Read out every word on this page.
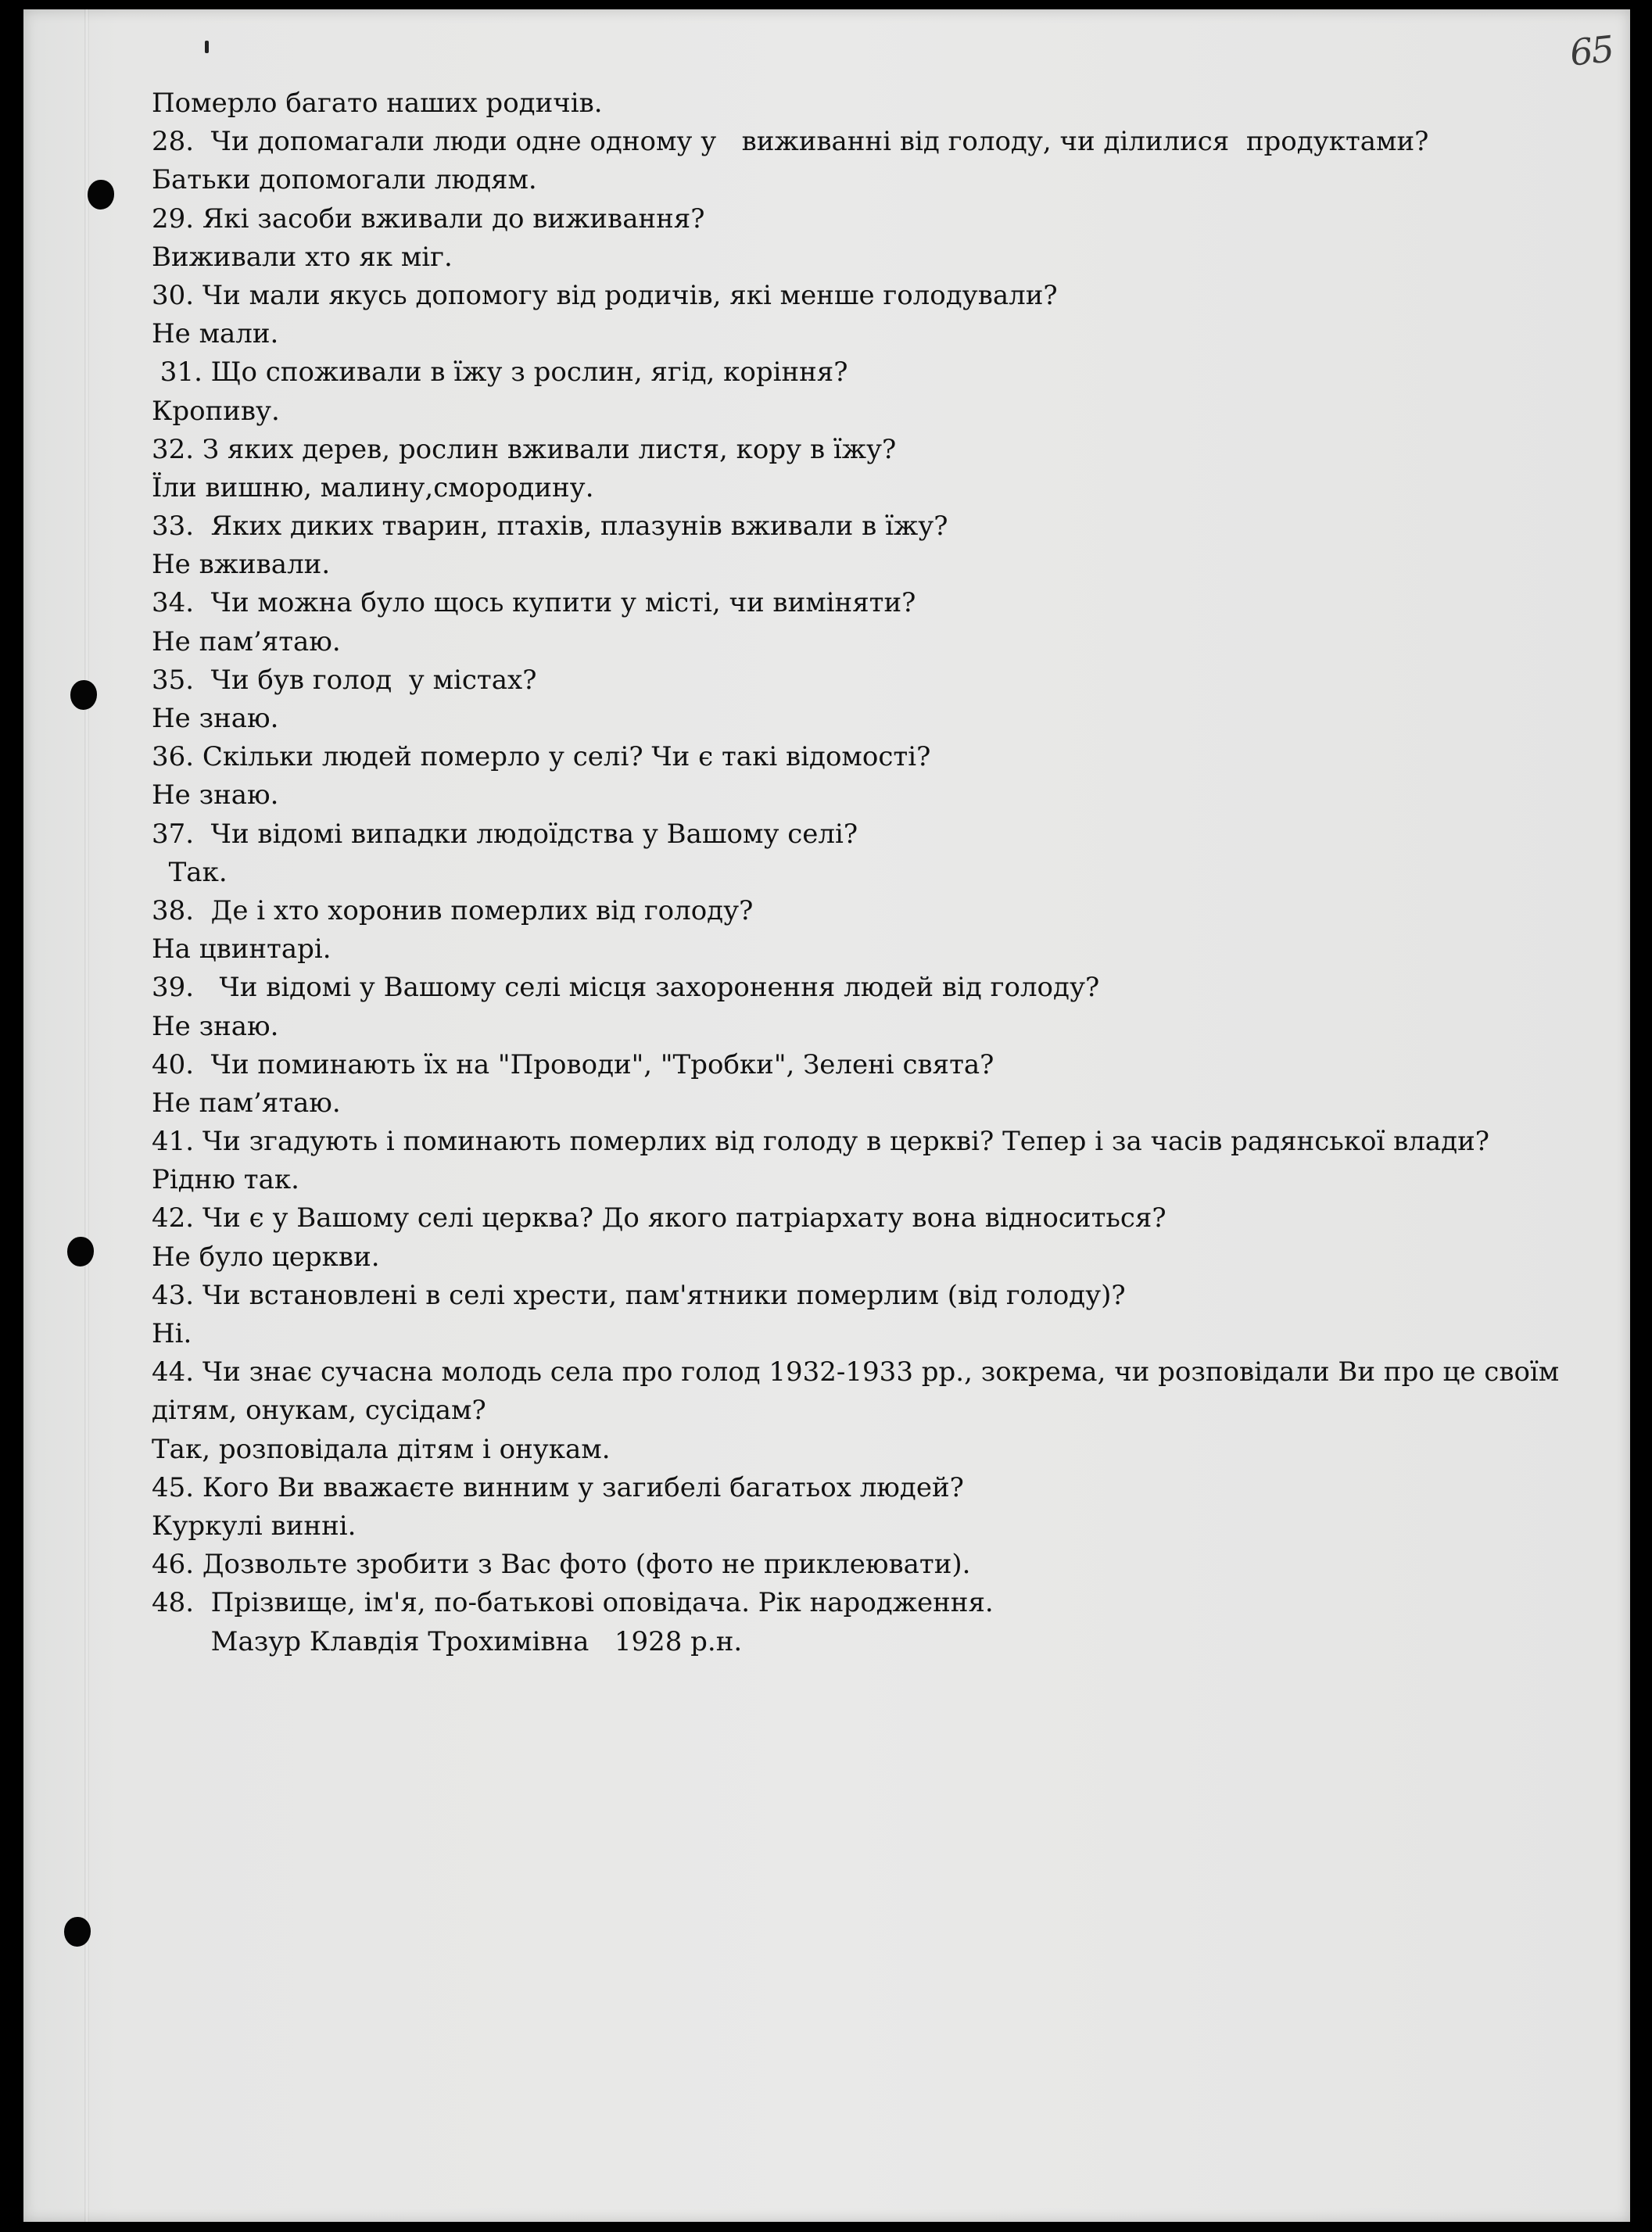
65
Померло багато наших родичів.
28.  Чи допомагали люди одне одному у   виживанні від голоду, чи ділилися  продуктами?
Батьки допомогали людям.
29. Які засоби вживали до виживання?
Виживали хто як міг.
30. Чи мали якусь допомогу від родичів, які менше голодували?
Не мали.
31. Що споживали в їжу з рослин, ягід, коріння?
Кропиву.
32. З яких дерев, рослин вживали листя, кору в їжу?
Їли вишню, малину,смородину.
33.  Яких диких тварин, птахів, плазунів вживали в їжу?
Не вживали.
34.  Чи можна було щось купити у місті, чи виміняти?
Не пам’ятаю.
35.  Чи був голод  у містах?
Не знаю.
36. Скільки людей померло у селі? Чи є такі відомості?
Не знаю.
37.  Чи відомі випадки людоїдства у Вашому селі?
Так.
38.  Де і хто хоронив померлих від голоду?
На цвинтарі.
39.   Чи відомі у Вашому селі місця захоронення людей від голоду?
Не знаю.
40.  Чи поминають їх на "Проводи", "Тробки", Зелені свята?
Не пам’ятаю.
41. Чи згадують і поминають померлих від голоду в церкві? Тепер і за часів радянської влади?
Рідню так.
42. Чи є у Вашому селі церква? До якого патріархату вона відноситься?
Не було церкви.
43. Чи встановлені в селі хрести, пам'ятники померлим (від голоду)?
Ні.
44. Чи знає сучасна молодь села про голод 1932-1933 рр., зокрема, чи розповідали Ви про це своїм
дітям, онукам, сусідам?
Так, розповідала дітям і онукам.
45. Кого Ви вважаєте винним у загибелі багатьох людей?
Куркулі винні.
46. Дозвольте зробити з Вас фото (фото не приклеювати).
48.  Прізвище, ім'я, по-батькові оповідача. Рік народження.
Мазур Клавдія Трохимівна   1928 р.н.
